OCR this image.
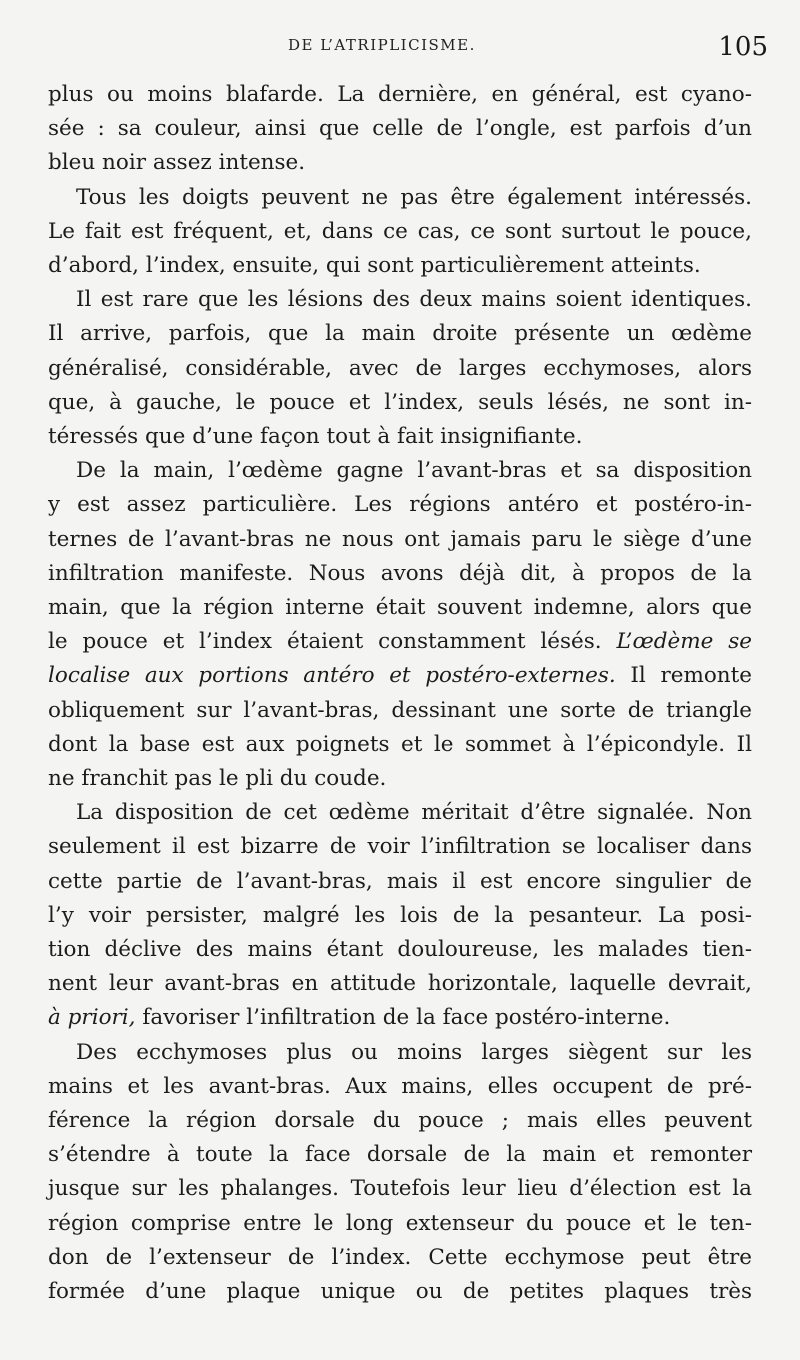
DE L’ATRIPLICISME.	105
plus ou moins blafarde. La dernière, en général, est cyano-
sée : sa couleur, ainsi que celle de l’ongle, est parfois d’un
bleu noir assez intense.
Tous les doigts peuvent ne pas être également intéressés.
Le fait est fréquent, et, dans ce cas, ce sont surtout le pouce,
d’abord, l’index, ensuite, qui sont particulièrement atteints.
Il est rare que les lésions des deux mains soient identiques.
Il arrive, parfois, que la main droite présente un œdème
généralisé, considérable, avec de larges ecchymoses, alors
que, à gauche, le pouce et l’index, seuls lésés, ne sont in-
téressés que d’une façon tout à fait insignifiante.
De la main, l’œdème gagne l’avant-bras et sa disposition
y est assez particulière. Les régions antéro et postéro-in-
ternes de l’avant-bras ne nous ont jamais paru le siège d’une
infiltration manifeste. Nous avons déjà dit, à propos de la
main, que la région interne était souvent indemne, alors que
le pouce et l’index étaient constamment lésés. L’œdème se
localise aux portions antéro et postéro-externes. Il remonte
obliquement sur l’avant-bras, dessinant une sorte de triangle
dont la base est aux poignets et le sommet à l’épicondyle. Il
ne franchit pas le pli du coude.
La disposition de cet œdème méritait d’être signalée. Non
seulement il est bizarre de voir l’infiltration se localiser dans
cette partie de l’avant-bras, mais il est encore singulier de
l’y voir persister, malgré les lois de la pesanteur. La posi-
tion déclive des mains étant douloureuse, les malades tien-
nent leur avant-bras en attitude horizontale, laquelle devrait,
à priori, favoriser l’infiltration de la face postéro-interne.
Des ecchymoses plus ou moins larges siègent sur les
mains et les avant-bras. Aux mains, elles occupent de pré-
férence la région dorsale du pouce ; mais elles peuvent
s’étendre à toute la face dorsale de la main et remonter
jusque sur les phalanges. Toutefois leur lieu d’élection est la
région comprise entre le long extenseur du pouce et le ten-
don de l’extenseur de l’index. Cette ecchymose peut être
formée d’une plaque unique ou de petites plaques très
